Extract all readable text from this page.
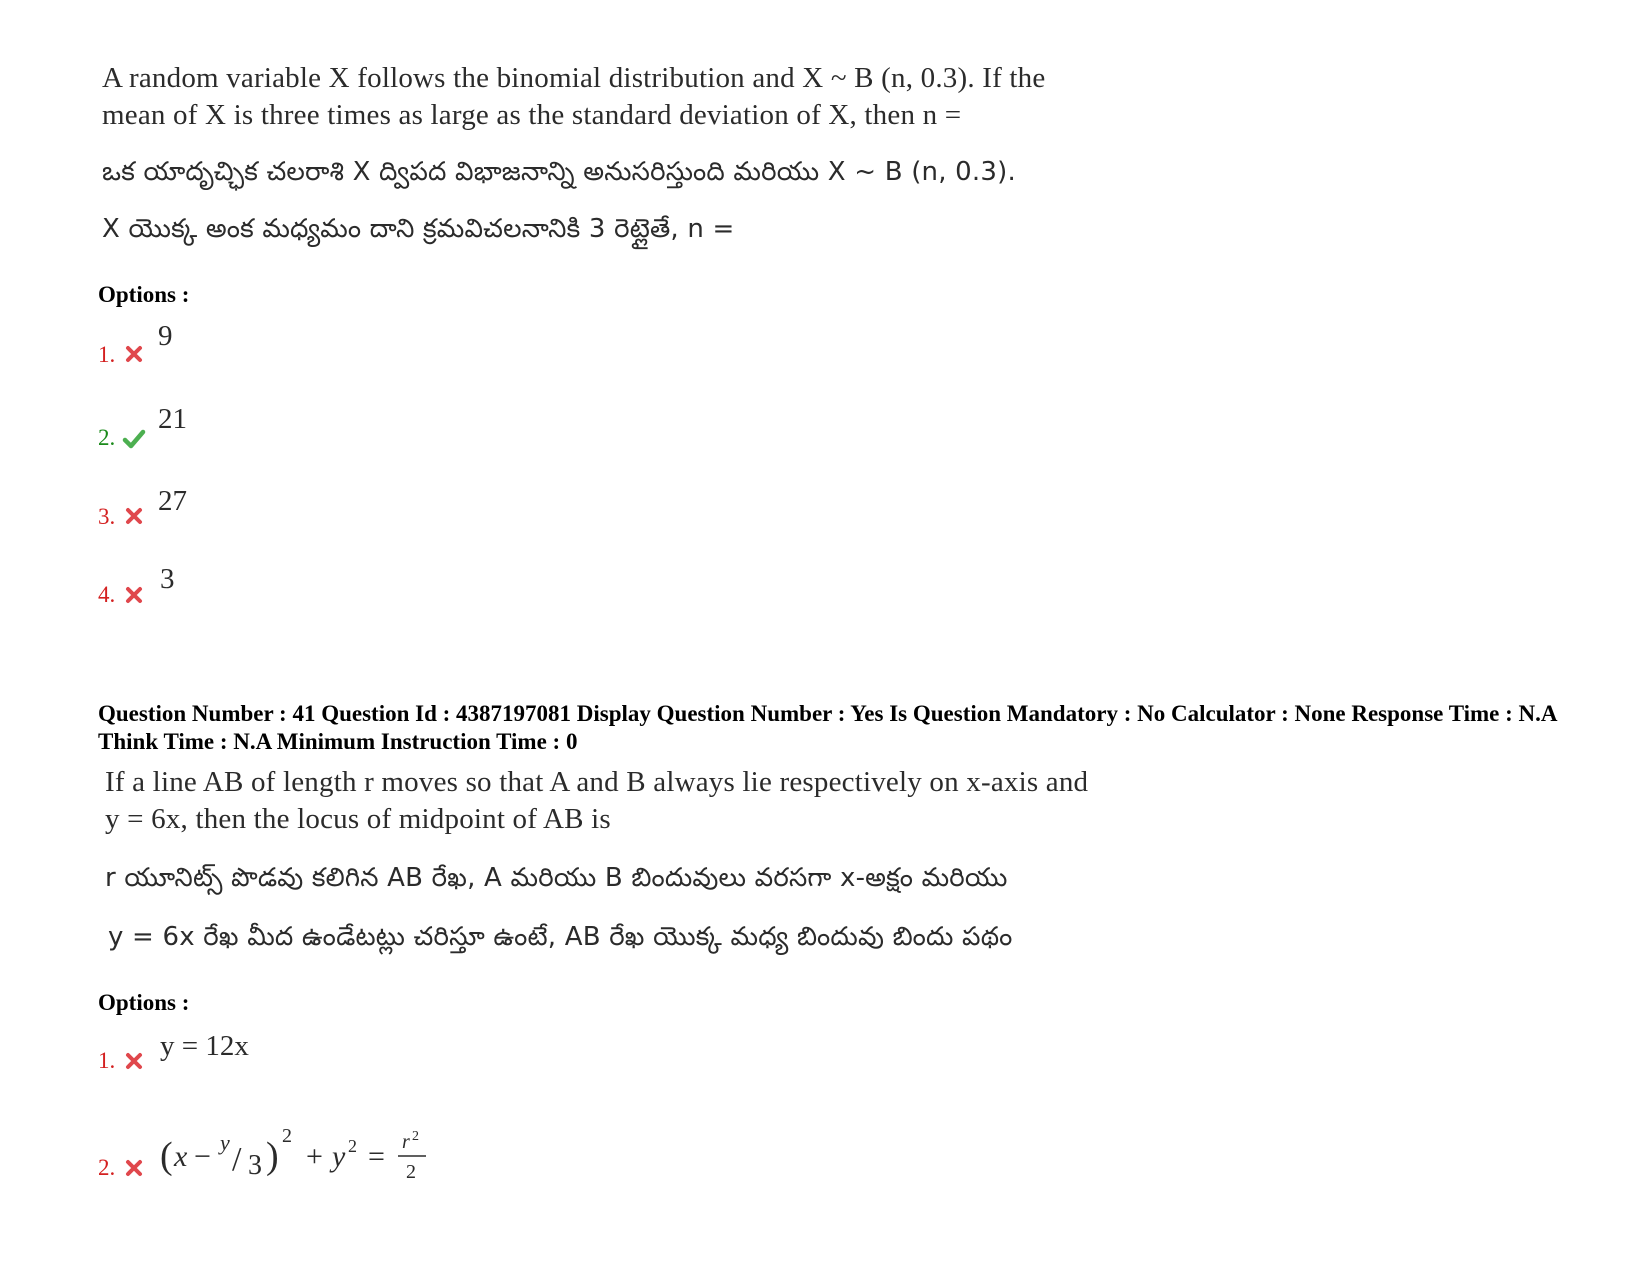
A random variable X follows the binomial distribution and X ~ B (n, 0.3). If the
mean of X is three times as large as the standard deviation of X, then n =
ఒక యాదృచ్ఛిక చలరాశి X ద్విపద విభాజనాన్ని అనుసరిస్తుంది మరియు X ~ B (n, 0.3).
X యొక్క అంక మధ్యమం దాని క్రమవిచలనానికి 3 రెట్లైతే, n =
Options :
1.
9
2.
21
3. 27
4. 3
Question Number : 41 Question Id : 4387197081 Display Question Number : Yes Is Question Mandatory : No Calculator : None Response Time : N.A Think Time : N.A Minimum Instruction Time : 0
If a line AB of length r moves so that A and B always lie respectively on x-axis and
y = 6x, then the locus of midpoint of AB is
r యూనిట్స్ పొడవు కలిగిన AB రేఖ, A మరియు B బిందువులు వరసగా x-అక్షం మరియు
y = 6x రేఖ మీద ఉండేటట్లు చరిస్తూ ఉంటే, AB రేఖ యొక్క మధ్య బిందువు బిందు పథం
Options :
1. y = 12x
2. ( x − y / 3 ) 2
+ y 2 = r 2
2
